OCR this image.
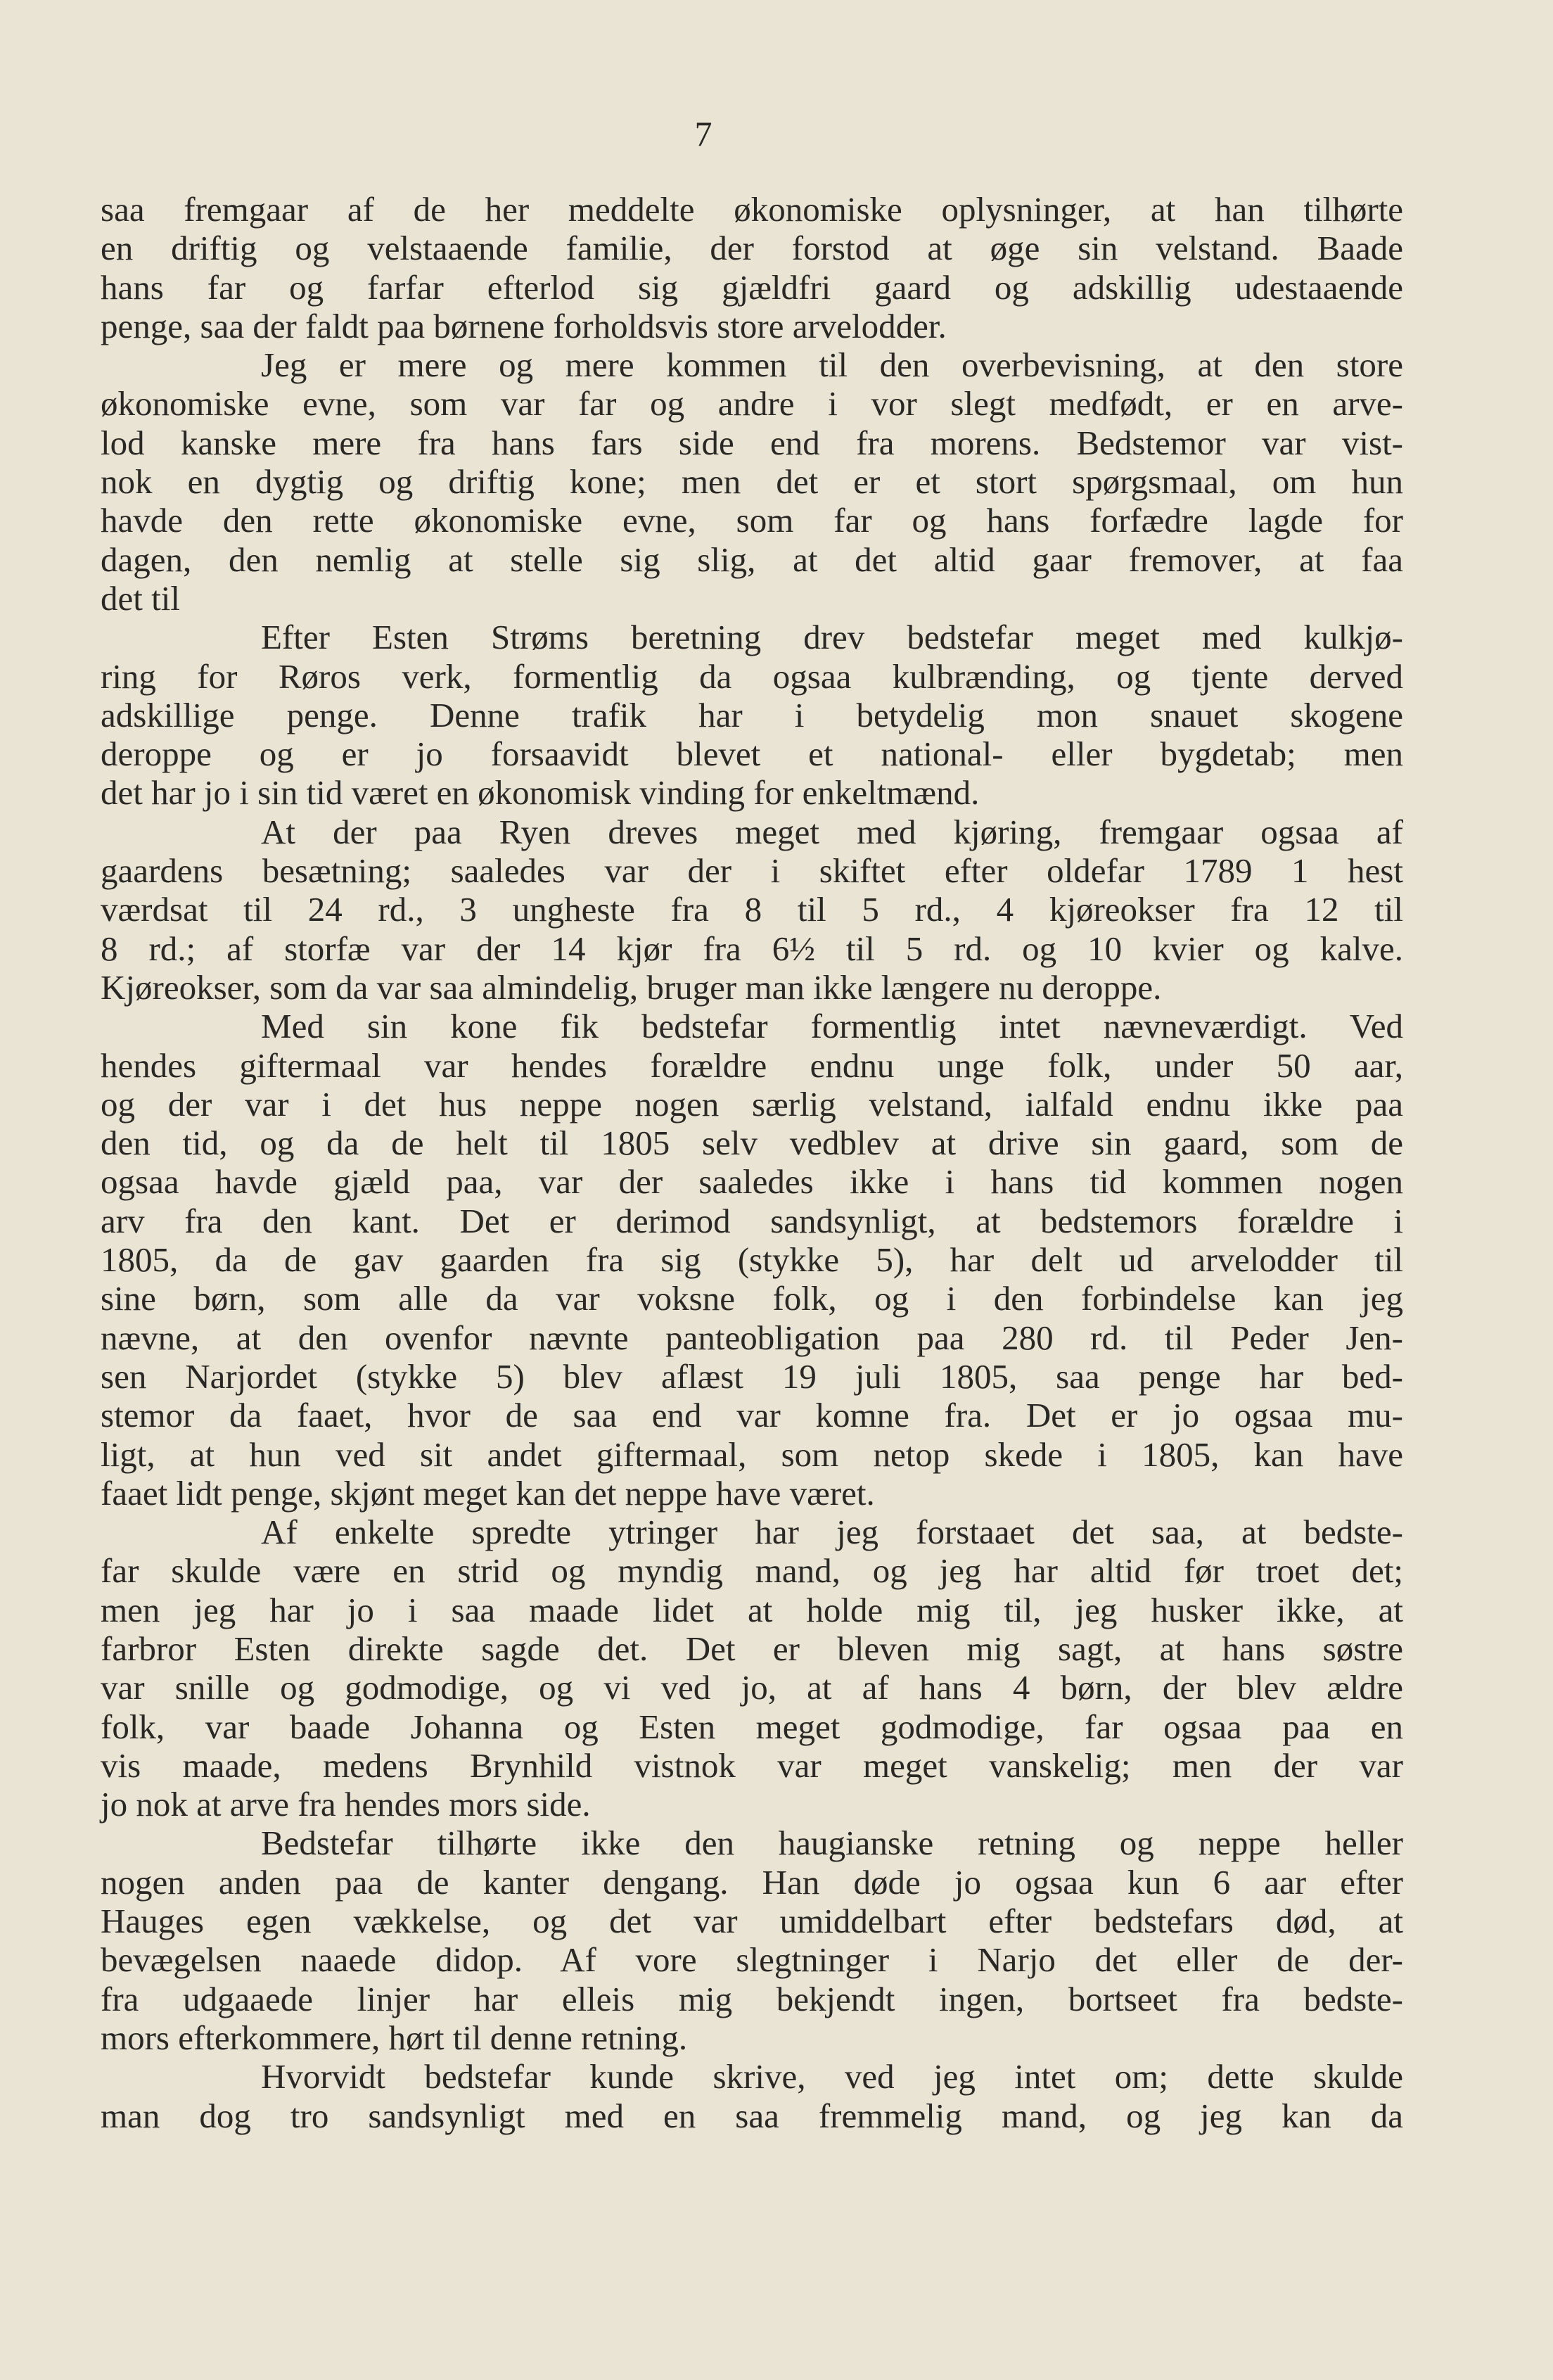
7
saa fremgaar af de her meddelte økonomiske oplysninger, at han tilhørte
en driftig og velstaaende familie, der forstod at øge sin velstand. Baade
hans far og farfar efterlod sig gjældfri gaard og adskillig udestaaende
penge, saa der faldt paa børnene forholdsvis store arvelodder.
Jeg er mere og mere kommen til den overbevisning, at den store
økonomiske evne, som var far og andre i vor slegt medfødt, er en arve-
lod kanske mere fra hans fars side end fra morens. Bedstemor var vist-
nok en dygtig og driftig kone; men det er et stort spørgsmaal, om hun
havde den rette økonomiske evne, som far og hans forfædre lagde for
dagen, den nemlig at stelle sig slig, at det altid gaar fremover, at faa
det til
Efter Esten Strøms beretning drev bedstefar meget med kulkjø-
ring for Røros verk, formentlig da ogsaa kulbrænding, og tjente derved
adskillige penge. Denne trafik har i betydelig mon snauet skogene
deroppe og er jo forsaavidt blevet et national- eller bygdetab; men
det har jo i sin tid været en økonomisk vinding for enkeltmænd.
At der paa Ryen dreves meget med kjøring, fremgaar ogsaa af
gaardens besætning; saaledes var der i skiftet efter oldefar 1789 1 hest
værdsat til 24 rd., 3 ungheste fra 8 til 5 rd., 4 kjøreokser fra 12 til
8 rd.; af storfæ var der 14 kjør fra 6½ til 5 rd. og 10 kvier og kalve.
Kjøreokser, som da var saa almindelig, bruger man ikke længere nu deroppe.
Med sin kone fik bedstefar formentlig intet nævneværdigt. Ved
hendes giftermaal var hendes forældre endnu unge folk, under 50 aar,
og der var i det hus neppe nogen særlig velstand, ialfald endnu ikke paa
den tid, og da de helt til 1805 selv vedblev at drive sin gaard, som de
ogsaa havde gjæld paa, var der saaledes ikke i hans tid kommen nogen
arv fra den kant. Det er derimod sandsynligt, at bedstemors forældre i
1805, da de gav gaarden fra sig (stykke 5), har delt ud arvelodder til
sine børn, som alle da var voksne folk, og i den forbindelse kan jeg
nævne, at den ovenfor nævnte panteobligation paa 280 rd. til Peder Jen-
sen Narjordet (stykke 5) blev aflæst 19 juli 1805, saa penge har bed-
stemor da faaet, hvor de saa end var komne fra. Det er jo ogsaa mu-
ligt, at hun ved sit andet giftermaal, som netop skede i 1805, kan have
faaet lidt penge, skjønt meget kan det neppe have været.
Af enkelte spredte ytringer har jeg forstaaet det saa, at bedste-
far skulde være en strid og myndig mand, og jeg har altid før troet det;
men jeg har jo i saa maade lidet at holde mig til, jeg husker ikke, at
farbror Esten direkte sagde det. Det er bleven mig sagt, at hans søstre
var snille og godmodige, og vi ved jo, at af hans 4 børn, der blev ældre
folk, var baade Johanna og Esten meget godmodige, far ogsaa paa en
vis maade, medens Brynhild vistnok var meget vanskelig; men der var
jo nok at arve fra hendes mors side.
Bedstefar tilhørte ikke den haugianske retning og neppe heller
nogen anden paa de kanter dengang. Han døde jo ogsaa kun 6 aar efter
Hauges egen vækkelse, og det var umiddelbart efter bedstefars død, at
bevægelsen naaede didop. Af vore slegtninger i Narjo det eller de der-
fra udgaaede linjer har elleis mig bekjendt ingen, bortseet fra bedste-
mors efterkommere, hørt til denne retning.
Hvorvidt bedstefar kunde skrive, ved jeg intet om; dette skulde
man dog tro sandsynligt med en saa fremmelig mand, og jeg kan da
